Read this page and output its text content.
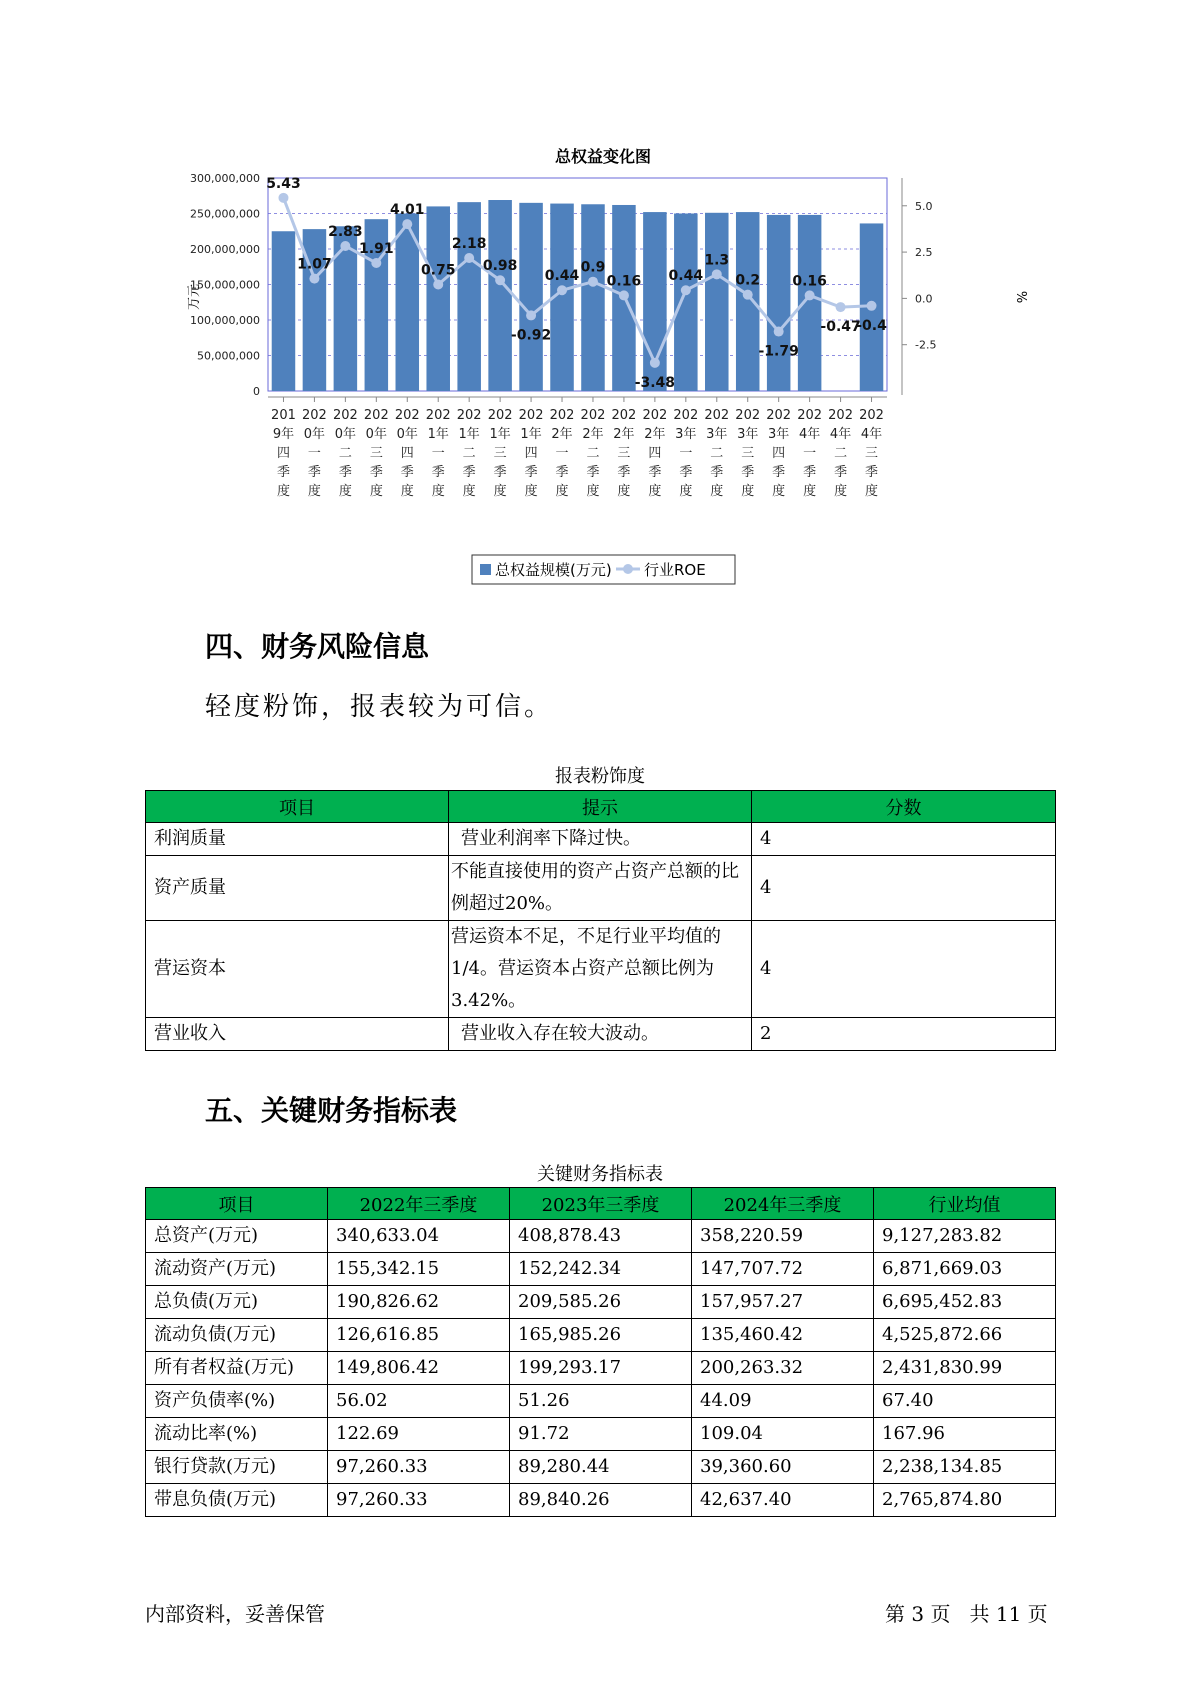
总权益变化图
0
50,000,000
100,000,000
150,000,000
200,000,000
250,000,000
300,000,000
-2.5
0.0
2.5
5.0
201 9年四季度
202 0年一季度
202 0年二季度
202 0年三季度
202 0年四季度
202 1年一季度
202 1年二季度
202 1年三季度
202 1年四季度
202 2年一季度
202 2年二季度
202 2年三季度
202 2年四季度
202 3年一季度
202 3年二季度
202 3年三季度
202 3年四季度
202 4年一季度
202 4年二季度
202 4年三季度
5.43
1.07
2.83
1.91
4.01
0.75
2.18
0.98
-0.92
0.44
0.9
0.16
-3.48
0.44
1.3
0.2
-1.79
0.16
-0.47
-0.4
万元	%
总权益规模(万元) 行业ROE
四、财务风险信息
轻度粉饰，报表较为可信。
报表粉饰度
项目	提示	分数
利润质量	营业利润率下降过快。	4
资产质量	不能直接使用的资产占资产总额的比例超过20%。	4
营运资本	营运资本不足，不足行业平均值的1/4。营运资本占资产总额比例为3.42%。	4
营业收入	营业收入存在较大波动。	2
五、关键财务指标表
关键财务指标表
项目	2022年三季度	2023年三季度	2024年三季度	行业均值
总资产(万元)	340,633.04	408,878.43	358,220.59	9,127,283.82
流动资产(万元)	155,342.15	152,242.34	147,707.72	6,871,669.03
总负债(万元)	190,826.62	209,585.26	157,957.27	6,695,452.83
流动负债(万元)	126,616.85	165,985.26	135,460.42	4,525,872.66
所有者权益(万元)	149,806.42	199,293.17	200,263.32	2,431,830.99
资产负债率(%)	56.02	51.26	44.09	67.40
流动比率(%)	122.69	91.72	109.04	167.96
银行贷款(万元)	97,260.33	89,280.44	39,360.60	2,238,134.85
带息负债(万元)	97,260.33	89,840.26	42,637.40	2,765,874.80
内部资料，妥善保管	第 3 页   共 11 页
